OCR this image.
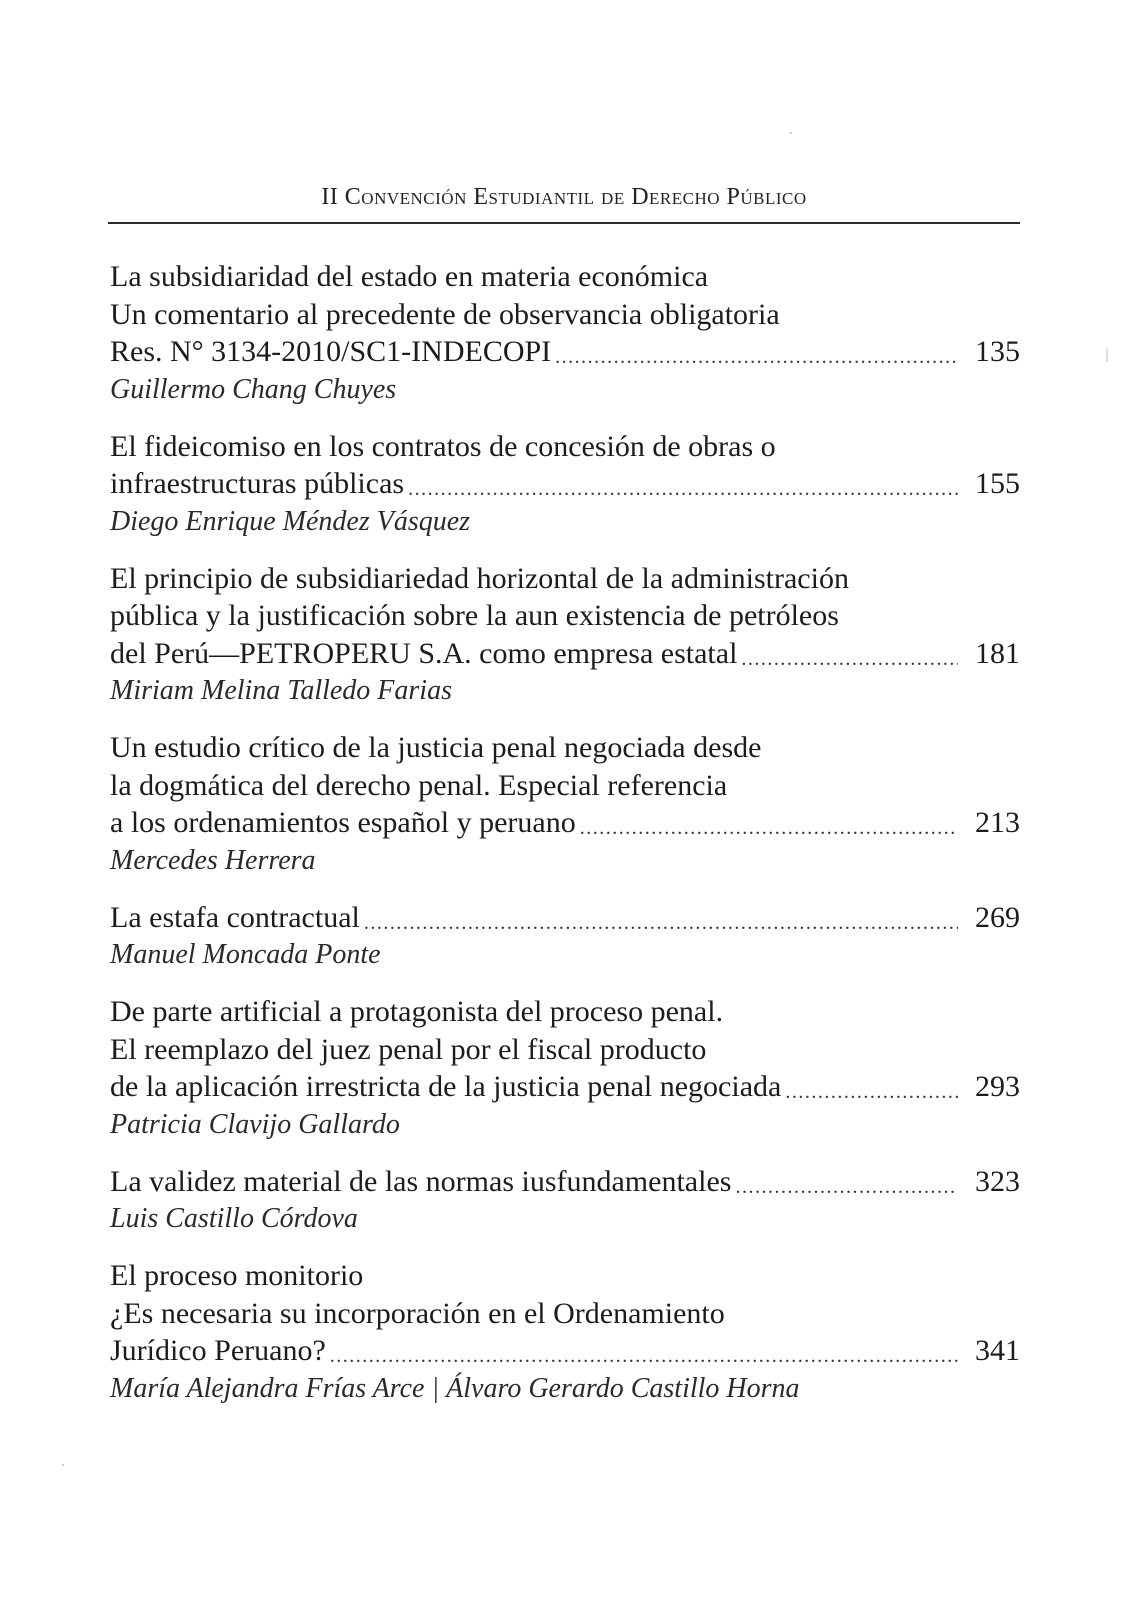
II Convención Estudiantil de Derecho Público
La subsidiaridad del estado en materia económica
Un comentario al precedente de observancia obligatoria
Res. N° 3134-2010/SC1-INDECOPI .....	135
Guillermo Chang Chuyes
El fideicomiso en los contratos de concesión de obras o
infraestructuras públicas .....	155
Diego Enrique Méndez Vásquez
El principio de subsidiariedad horizontal de la administración
pública y la justificación sobre la aun existencia de petróleos
del Perú—PETROPERU S.A. como empresa estatal .....	181
Miriam Melina Talledo Farias
Un estudio crítico de la justicia penal negociada desde
la dogmática del derecho penal. Especial referencia
a los ordenamientos español y peruano .....	213
Mercedes Herrera
La estafa contractual .....	269
Manuel Moncada Ponte
De parte artificial a protagonista del proceso penal.
El reemplazo del juez penal por el fiscal producto
de la aplicación irrestricta de la justicia penal negociada .....	293
Patricia Clavijo Gallardo
La validez material de las normas iusfundamentales .....	323
Luis Castillo Córdova
El proceso monitorio
¿Es necesaria su incorporación en el Ordenamiento
Jurídico Peruano? .....	341
María Alejandra Frías Arce | Álvaro Gerardo Castillo Horna
